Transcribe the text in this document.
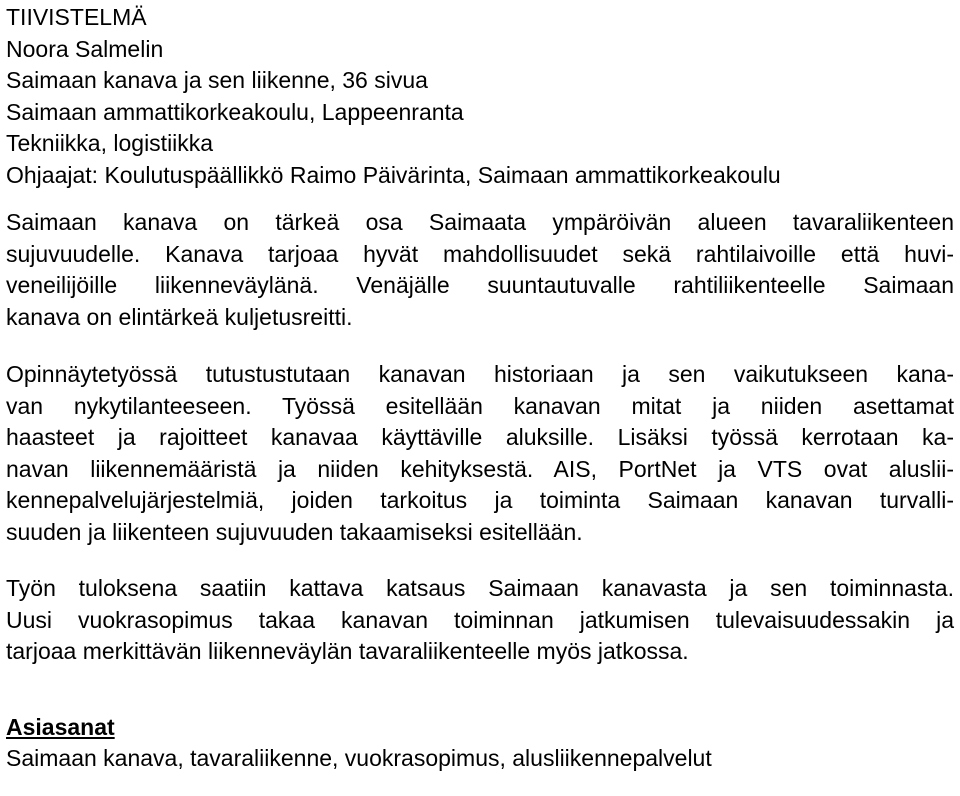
TIIVISTELMÄ
Noora Salmelin
Saimaan kanava ja sen liikenne, 36 sivua
Saimaan ammattikorkeakoulu, Lappeenranta
Tekniikka, logistiikka
Ohjaajat: Koulutuspäällikkö Raimo Päivärinta, Saimaan ammattikorkeakoulu
Saimaan kanava on tärkeä osa Saimaata ympäröivän alueen tavaraliikenteen
sujuvuudelle. Kanava tarjoaa hyvät mahdollisuudet sekä rahtilaivoille että huvi-
veneilijöille liikenneväylänä. Venäjälle suuntautuvalle rahtiliikenteelle Saimaan
kanava on elintärkeä kuljetusreitti.
Opinnäytetyössä tutustustutaan kanavan historiaan ja sen vaikutukseen kana-
van nykytilanteeseen. Työssä esitellään kanavan mitat ja niiden asettamat
haasteet ja rajoitteet kanavaa käyttäville aluksille. Lisäksi työssä kerrotaan ka-
navan liikennemääristä ja niiden kehityksestä. AIS, PortNet ja VTS ovat aluslii-
kennepalvelujärjestelmiä, joiden tarkoitus ja toiminta Saimaan kanavan turvalli-
suuden ja liikenteen sujuvuuden takaamiseksi esitellään.
Työn tuloksena saatiin kattava katsaus Saimaan kanavasta ja sen toiminnasta.
Uusi vuokrasopimus takaa kanavan toiminnan jatkumisen tulevaisuudessakin ja
tarjoaa merkittävän liikenneväylän tavaraliikenteelle myös jatkossa.
Asiasanat
Saimaan kanava, tavaraliikenne, vuokrasopimus, alusliikennepalvelut
